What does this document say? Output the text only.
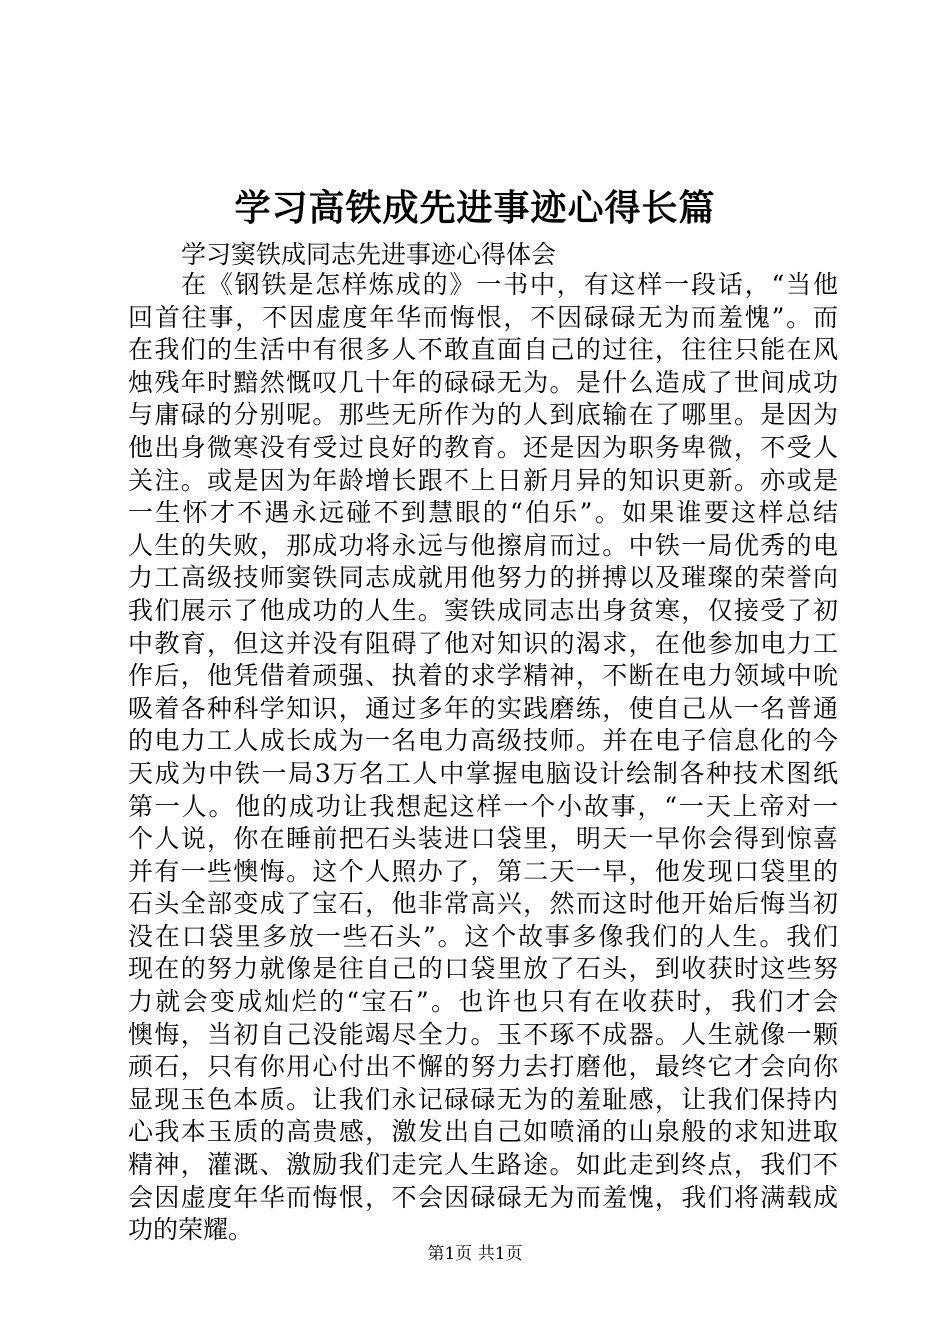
学习高铁成先进事迹心得长篇
学习窦铁成同志先进事迹心得体会
在《钢铁是怎样炼成的》一书中，有这样一段话，“当他
回首往事，不因虚度年华而悔恨，不因碌碌无为而羞愧”。而
在我们的生活中有很多人不敢直面自己的过往，往往只能在风
烛残年时黯然慨叹几十年的碌碌无为。是什么造成了世间成功
与庸碌的分别呢。那些无所作为的人到底输在了哪里。是因为
他出身微寒没有受过良好的教育。还是因为职务卑微，不受人
关注。或是因为年龄增长跟不上日新月异的知识更新。亦或是
一生怀才不遇永远碰不到慧眼的“伯乐”。如果谁要这样总结
人生的失败，那成功将永远与他擦肩而过。中铁一局优秀的电
力工高级技师窦铁同志成就用他努力的拼搏以及璀璨的荣誉向
我们展示了他成功的人生。窦铁成同志出身贫寒，仅接受了初
中教育，但这并没有阻碍了他对知识的渴求，在他参加电力工
作后，他凭借着顽强、执着的求学精神，不断在电力领域中吮
吸着各种科学知识，通过多年的实践磨练，使自己从一名普通
的电力工人成长成为一名电力高级技师。并在电子信息化的今
天成为中铁一局3万名工人中掌握电脑设计绘制各种技术图纸
第一人。他的成功让我想起这样一个小故事，“一天上帝对一
个人说，你在睡前把石头装进口袋里，明天一早你会得到惊喜
并有一些懊悔。这个人照办了，第二天一早，他发现口袋里的
石头全部变成了宝石，他非常高兴，然而这时他开始后悔当初
没在口袋里多放一些石头”。这个故事多像我们的人生。我们
现在的努力就像是往自己的口袋里放了石头，到收获时这些努
力就会变成灿烂的“宝石”。也许也只有在收获时，我们才会
懊悔，当初自己没能竭尽全力。玉不琢不成器。人生就像一颗
顽石，只有你用心付出不懈的努力去打磨他，最终它才会向你
显现玉色本质。让我们永记碌碌无为的羞耻感，让我们保持内
心我本玉质的高贵感，激发出自己如喷涌的山泉般的求知进取
精神，灌溉、激励我们走完人生路途。如此走到终点，我们不
会因虚度年华而悔恨，不会因碌碌无为而羞愧，我们将满载成
功的荣耀。
第1页 共1页
